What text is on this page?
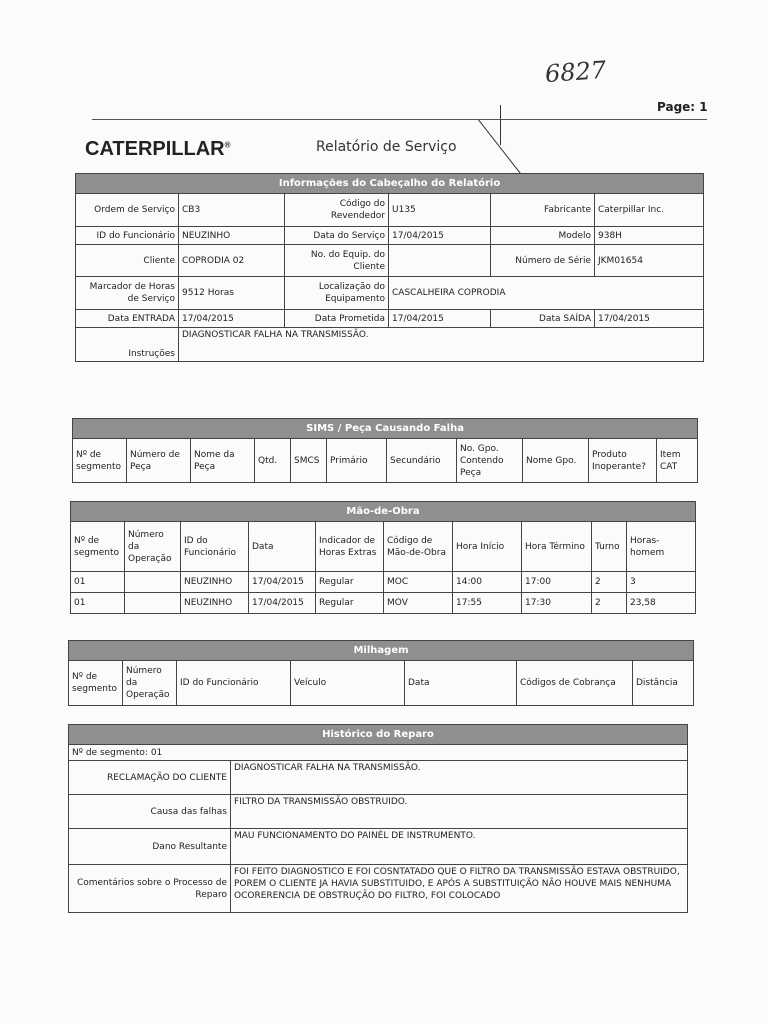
6827
Page: 1
CATERPILLAR®	Relatório de Serviço
Informações do Cabeçalho do Relatório					
Ordem de Serviço	CB3	Código do Revendedor	U135	Fabricante	Caterpillar Inc.
ID do Funcionário	NEUZINHO	Data do Serviço	17/04/2015	Modelo	938H
Cliente	COPRODIA 02	No. do Equip. do Cliente		Número de Série	JKM01654
Marcador de Horas de Serviço	9512 Horas	Localização do Equipamento	CASCALHEIRA COPRODIA		
Data ENTRADA	17/04/2015	Data Prometida	17/04/2015	Data SAÍDA	17/04/2015
Instruções	DIAGNOSTICAR FALHA NA TRANSMISSÃO.				
SIMS / Peça Causando Falha
Nº de segmento	Número de Peça	Nome da Peça	Qtd.	SMCS	Primário	Secundário	No. Gpo. Contendo Peça	Nome Gpo.	Produto Inoperante?	Item CAT
Mão-de-Obra									
Nº de segmento	Número da Operação	ID do Funcionário	Data	Indicador de Horas Extras	Código de Mão-de-Obra	Hora Início	Hora Término	Turno	Horas-homem
01		NEUZINHO	17/04/2015	Regular	MOC	14:00	17:00	2	3
01		NEUZINHO	17/04/2015	Regular	MOV	17:55	17:30	2	23,58
Milhagem
Nº de segmento	Número da Operação	ID do Funcionário	Veículo	Data	Códigos de Cobrança	Distância
Histórico do Reparo	
Nº de segmento: 01	
RECLAMAÇÃO DO CLIENTE	DIAGNOSTICAR FALHA NA TRANSMISSÃO.
Causa das falhas	FILTRO DA TRANSMISSÃO OBSTRUIDO.
Dano Resultante	MAU FUNCIONAMENTO DO PAINÉL DE INSTRUMENTO.
Comentários sobre o Processo de Reparo	FOI FEITO DIAGNOSTICO E FOI COSNTATADO QUE O FILTRO DA TRANSMISSÃO ESTAVA OBSTRUIDO, POREM O CLIENTE JA HAVIA SUBSTITUIDO, E APÓS A SUBSTITUIÇÃO NÃO HOUVE MAIS NENHUMA OCORERENCIA DE OBSTRUÇÃO DO FILTRO, FOI COLOCADO
